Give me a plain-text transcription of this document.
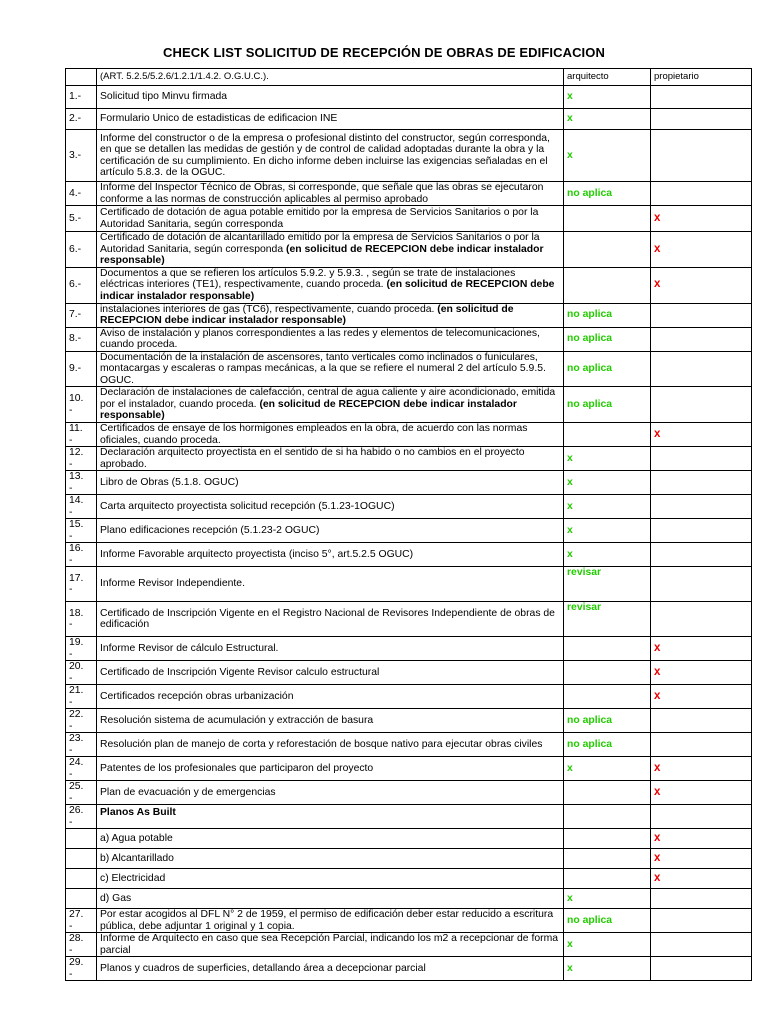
CHECK LIST SOLICITUD DE RECEPCIÓN DE OBRAS DE EDIFICACION
	(ART. 5.2.5/5.2.6/1.2.1/1.4.2. O.G.U.C.).	arquitecto	propietario
1.-	Solicitud tipo Minvu firmada	x	
2.-	Formulario Unico de estadisticas de edificacion INE	x	
3.-	Informe del constructor o de la empresa o profesional distinto del constructor, según corresponda, en que se detallen las medidas de gestión y de control de calidad adoptadas durante la obra y la certificación de su cumplimiento. En dicho informe deben incluirse las exigencias señaladas en el artículo 5.8.3. de la OGUC.	x	
4.-	Informe del Inspector Técnico de Obras, si corresponde, que señale que las obras se ejecutaron conforme a las normas de construcción aplicables al permiso aprobado	no aplica	
5.-	Certificado de dotación de agua potable emitido por la empresa de Servicios Sanitarios o por la Autoridad Sanitaria, según corresponda		x
6.-	Certificado de dotación de alcantarillado emitido por la empresa de Servicios Sanitarios o por la Autoridad Sanitaria, según corresponda (en solicitud de RECEPCION debe indicar instalador responsable)		x
6.-	Documentos a que se refieren los artículos 5.9.2. y 5.9.3. , según se trate de instalaciones eléctricas interiores (TE1), respectivamente, cuando proceda. (en solicitud de RECEPCION debe indicar instalador responsable)		x
7.-	instalaciones interiores de gas (TC6), respectivamente, cuando proceda. (en solicitud de RECEPCION debe indicar instalador responsable)	no aplica	
8.-	Aviso de instalación y planos correspondientes a las redes y elementos de telecomunicaciones, cuando proceda.	no aplica	
9.-	Documentación de la instalación de ascensores, tanto verticales como inclinados o funiculares, montacargas y escaleras o rampas mecánicas, a la que se refiere el numeral 2 del artículo 5.9.5. OGUC.	no aplica	
10.
-	Declaración de instalaciones de calefacción, central de agua caliente y aire acondicionado, emitida por el instalador, cuando proceda. (en solicitud de RECEPCION debe indicar instalador responsable)	no aplica	
11.
-	Certificados de ensaye de los hormigones empleados en la obra, de acuerdo con las normas oficiales, cuando proceda.		x
12.
-	Declaración arquitecto proyectista en el sentido de si ha habido o no cambios en el proyecto aprobado.	x	
13.
-	Libro de Obras (5.1.8. OGUC)	x	
14.
-	Carta arquitecto proyectista solicitud recepción (5.1.23-1OGUC)	x	
15.
-	Plano edificaciones recepción (5.1.23-2 OGUC)	x	
16.
-	Informe Favorable arquitecto proyectista (inciso 5°, art.5.2.5 OGUC)	x	
17.
-	Informe Revisor Independiente.	revisar	
18.
-	Certificado de Inscripción Vigente en el Registro Nacional de Revisores Independiente de obras de edificación	revisar	
19.
-	Informe Revisor de cálculo Estructural.		x
20.
-	Certificado de Inscripción Vigente Revisor calculo estructural		x
21.
-	Certificados recepción obras urbanización		x
22.
-	Resolución sistema de acumulación y extracción de basura	no aplica	
23.
-	Resolución plan de manejo de corta y reforestación de bosque nativo para ejecutar obras civiles	no aplica	
24.
-	Patentes de los profesionales que participaron del proyecto	x	x
25.
-	Plan de evacuación y de emergencias		x
26.
-	Planos As Built		
	a) Agua potable		x
	b) Alcantarillado		x
	c) Electricidad		x
	d) Gas	x	
27.
-	Por estar acogidos al DFL N° 2 de 1959, el permiso de edificación deber estar reducido a escritura pública, debe adjuntar 1 original y 1 copia.	no aplica	
28.
-	Informe de Arquitecto en caso que sea Recepción Parcial, indicando los m2 a recepcionar de forma parcial	x	
29.
-	Planos y cuadros de superficies, detallando área a decepcionar parcial	x	
